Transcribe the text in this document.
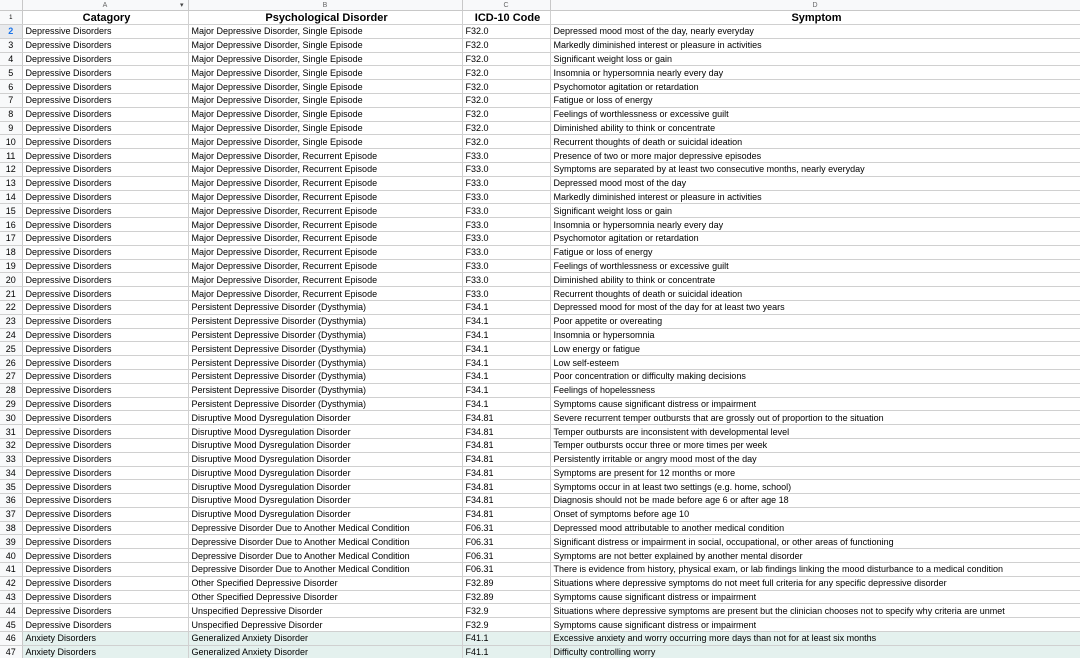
	A ▾	B	C	D
1	Catagory	Psychological Disorder	ICD-10 Code	Symptom
2	Depressive Disorders	Major Depressive Disorder, Single Episode	F32.0	Depressed mood most of the day, nearly everyday
3	Depressive Disorders	Major Depressive Disorder, Single Episode	F32.0	Markedly diminished interest or pleasure in activities
4	Depressive Disorders	Major Depressive Disorder, Single Episode	F32.0	Significant weight loss or gain
5	Depressive Disorders	Major Depressive Disorder, Single Episode	F32.0	Insomnia or hypersomnia nearly every day
6	Depressive Disorders	Major Depressive Disorder, Single Episode	F32.0	Psychomotor agitation or retardation
7	Depressive Disorders	Major Depressive Disorder, Single Episode	F32.0	Fatigue or loss of energy
8	Depressive Disorders	Major Depressive Disorder, Single Episode	F32.0	Feelings of worthlessness or excessive guilt
9	Depressive Disorders	Major Depressive Disorder, Single Episode	F32.0	Diminished ability to think or concentrate
10	Depressive Disorders	Major Depressive Disorder, Single Episode	F32.0	Recurrent thoughts of death or suicidal ideation
11	Depressive Disorders	Major Depressive Disorder, Recurrent Episode	F33.0	Presence of two or more major depressive episodes
12	Depressive Disorders	Major Depressive Disorder, Recurrent Episode	F33.0	Symptoms are separated by at least two consecutive months, nearly everyday
13	Depressive Disorders	Major Depressive Disorder, Recurrent Episode	F33.0	Depressed mood most of the day
14	Depressive Disorders	Major Depressive Disorder, Recurrent Episode	F33.0	Markedly diminished interest or pleasure in activities
15	Depressive Disorders	Major Depressive Disorder, Recurrent Episode	F33.0	Significant weight loss or gain
16	Depressive Disorders	Major Depressive Disorder, Recurrent Episode	F33.0	Insomnia or hypersomnia nearly every day
17	Depressive Disorders	Major Depressive Disorder, Recurrent Episode	F33.0	Psychomotor agitation or retardation
18	Depressive Disorders	Major Depressive Disorder, Recurrent Episode	F33.0	Fatigue or loss of energy
19	Depressive Disorders	Major Depressive Disorder, Recurrent Episode	F33.0	Feelings of worthlessness or excessive guilt
20	Depressive Disorders	Major Depressive Disorder, Recurrent Episode	F33.0	Diminished ability to think or concentrate
21	Depressive Disorders	Major Depressive Disorder, Recurrent Episode	F33.0	Recurrent thoughts of death or suicidal ideation
22	Depressive Disorders	Persistent Depressive Disorder (Dysthymia)	F34.1	Depressed mood for most of the day for at least two years
23	Depressive Disorders	Persistent Depressive Disorder (Dysthymia)	F34.1	Poor appetite or overeating
24	Depressive Disorders	Persistent Depressive Disorder (Dysthymia)	F34.1	Insomnia or hypersomnia
25	Depressive Disorders	Persistent Depressive Disorder (Dysthymia)	F34.1	Low energy or fatigue
26	Depressive Disorders	Persistent Depressive Disorder (Dysthymia)	F34.1	Low self-esteem
27	Depressive Disorders	Persistent Depressive Disorder (Dysthymia)	F34.1	Poor concentration or difficulty making decisions
28	Depressive Disorders	Persistent Depressive Disorder (Dysthymia)	F34.1	Feelings of hopelessness
29	Depressive Disorders	Persistent Depressive Disorder (Dysthymia)	F34.1	Symptoms cause significant distress or impairment
30	Depressive Disorders	Disruptive Mood Dysregulation Disorder	F34.81	Severe recurrent temper outbursts that are grossly out of proportion to the situation
31	Depressive Disorders	Disruptive Mood Dysregulation Disorder	F34.81	Temper outbursts are inconsistent with developmental level
32	Depressive Disorders	Disruptive Mood Dysregulation Disorder	F34.81	Temper outbursts occur three or more times per week
33	Depressive Disorders	Disruptive Mood Dysregulation Disorder	F34.81	Persistently irritable or angry mood most of the day
34	Depressive Disorders	Disruptive Mood Dysregulation Disorder	F34.81	Symptoms are present for 12 months or more
35	Depressive Disorders	Disruptive Mood Dysregulation Disorder	F34.81	Symptoms occur in at least two settings (e.g. home, school)
36	Depressive Disorders	Disruptive Mood Dysregulation Disorder	F34.81	Diagnosis should not be made before age 6 or after age 18
37	Depressive Disorders	Disruptive Mood Dysregulation Disorder	F34.81	Onset of symptoms before age 10
38	Depressive Disorders	Depressive Disorder Due to Another Medical Condition	F06.31	Depressed mood attributable to another medical condition
39	Depressive Disorders	Depressive Disorder Due to Another Medical Condition	F06.31	Significant distress or impairment in social, occupational, or other areas of functioning
40	Depressive Disorders	Depressive Disorder Due to Another Medical Condition	F06.31	Symptoms are not better explained by another mental disorder
41	Depressive Disorders	Depressive Disorder Due to Another Medical Condition	F06.31	There is evidence from history, physical exam, or lab findings linking the mood disturbance to a medical condition
42	Depressive Disorders	Other Specified Depressive Disorder	F32.89	Situations where depressive symptoms do not meet full criteria for any specific depressive disorder
43	Depressive Disorders	Other Specified Depressive Disorder	F32.89	Symptoms cause significant distress or impairment
44	Depressive Disorders	Unspecified Depressive Disorder	F32.9	Situations where depressive symptoms are present but the clinician chooses not to specify why criteria are unmet
45	Depressive Disorders	Unspecified Depressive Disorder	F32.9	Symptoms cause significant distress or impairment
46	Anxiety Disorders	Generalized Anxiety Disorder	F41.1	Excessive anxiety and worry occurring more days than not for at least six months
47	Anxiety Disorders	Generalized Anxiety Disorder	F41.1	Difficulty controlling worry
